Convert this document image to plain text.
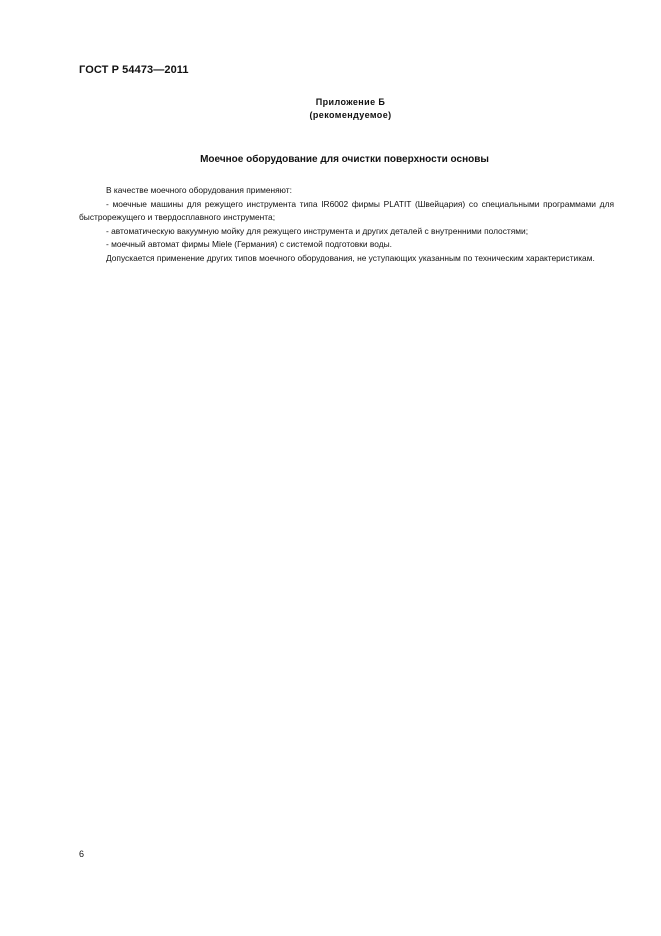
ГОСТ Р 54473—2011
Приложение Б
(рекомендуемое)
Моечное оборудование для очистки поверхности основы

В качестве моечного оборудования применяют:

- моечные машины для режущего инструмента типа IR6002 фирмы PLATIT (Швейцария) со специальными программами для быстрорежущего и твердосплавного инструмента;

- автоматическую вакуумную мойку для режущего инструмента и других деталей с внутренними полостями;

- моечный автомат фирмы Miele (Германия) с системой подготовки воды.

Допускается применение других типов моечного оборудования, не уступающих указанным по техническим характеристикам.

6
